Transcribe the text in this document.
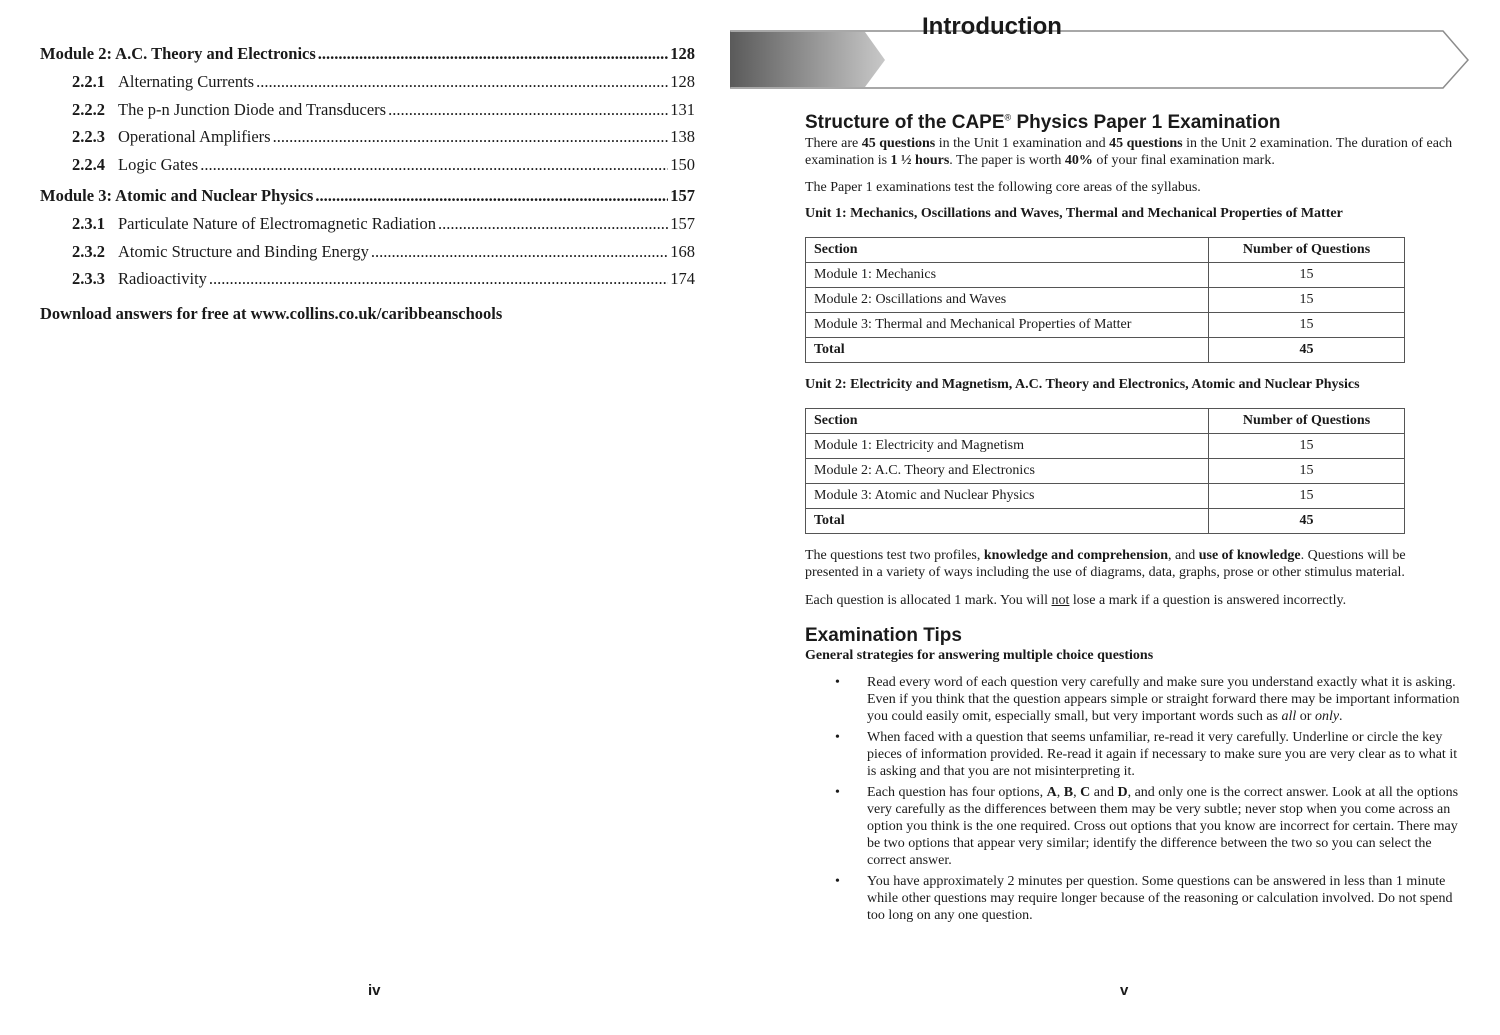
Module 2: A.C. Theory and Electronics .....	128
2.2.1 Alternating Currents .....	128
2.2.2 The p-n Junction Diode and Transducers .....	131
2.2.3 Operational Amplifiers .....	138
2.2.4 Logic Gates .....	150
Module 3: Atomic and Nuclear Physics .....	157
2.3.1 Particulate Nature of Electromagnetic Radiation .....	157
2.3.2 Atomic Structure and Binding Energy .....	168
2.3.3 Radioactivity .....	174
Download answers for free at www.collins.co.uk/caribbeanschools
iv
Introduction
Structure of the CAPE® Physics Paper 1 Examination
There are 45 questions in the Unit 1 examination and 45 questions in the Unit 2 examination. The duration of each examination is 1 ½ hours. The paper is worth 40% of your final examination mark.
The Paper 1 examinations test the following core areas of the syllabus.
Unit 1: Mechanics, Oscillations and Waves, Thermal and Mechanical Properties of Matter
Section	Number of Questions
Module 1: Mechanics	15
Module 2: Oscillations and Waves	15
Module 3: Thermal and Mechanical Properties of Matter	15
Total	45
Unit 2: Electricity and Magnetism, A.C. Theory and Electronics, Atomic and Nuclear Physics
Section	Number of Questions
Module 1: Electricity and Magnetism	15
Module 2: A.C. Theory and Electronics	15
Module 3: Atomic and Nuclear Physics	15
Total	45
The questions test two profiles, knowledge and comprehension, and use of knowledge. Questions will be presented in a variety of ways including the use of diagrams, data, graphs, prose or other stimulus material.
Each question is allocated 1 mark. You will not lose a mark if a question is answered incorrectly.
Examination Tips
General strategies for answering multiple choice questions
• Read every word of each question very carefully and make sure you understand exactly what it is asking. Even if you think that the question appears simple or straight forward there may be important information you could easily omit, especially small, but very important words such as all or only.
• When faced with a question that seems unfamiliar, re-read it very carefully. Underline or circle the key pieces of information provided. Re-read it again if necessary to make sure you are very clear as to what it is asking and that you are not misinterpreting it.
• Each question has four options, A, B, C and D, and only one is the correct answer. Look at all the options very carefully as the differences between them may be very subtle; never stop when you come across an option you think is the one required. Cross out options that you know are incorrect for certain. There may be two options that appear very similar; identify the difference between the two so you can select the correct answer.
• You have approximately 2 minutes per question. Some questions can be answered in less than 1 minute while other questions may require longer because of the reasoning or calculation involved. Do not spend too long on any one question.
v
